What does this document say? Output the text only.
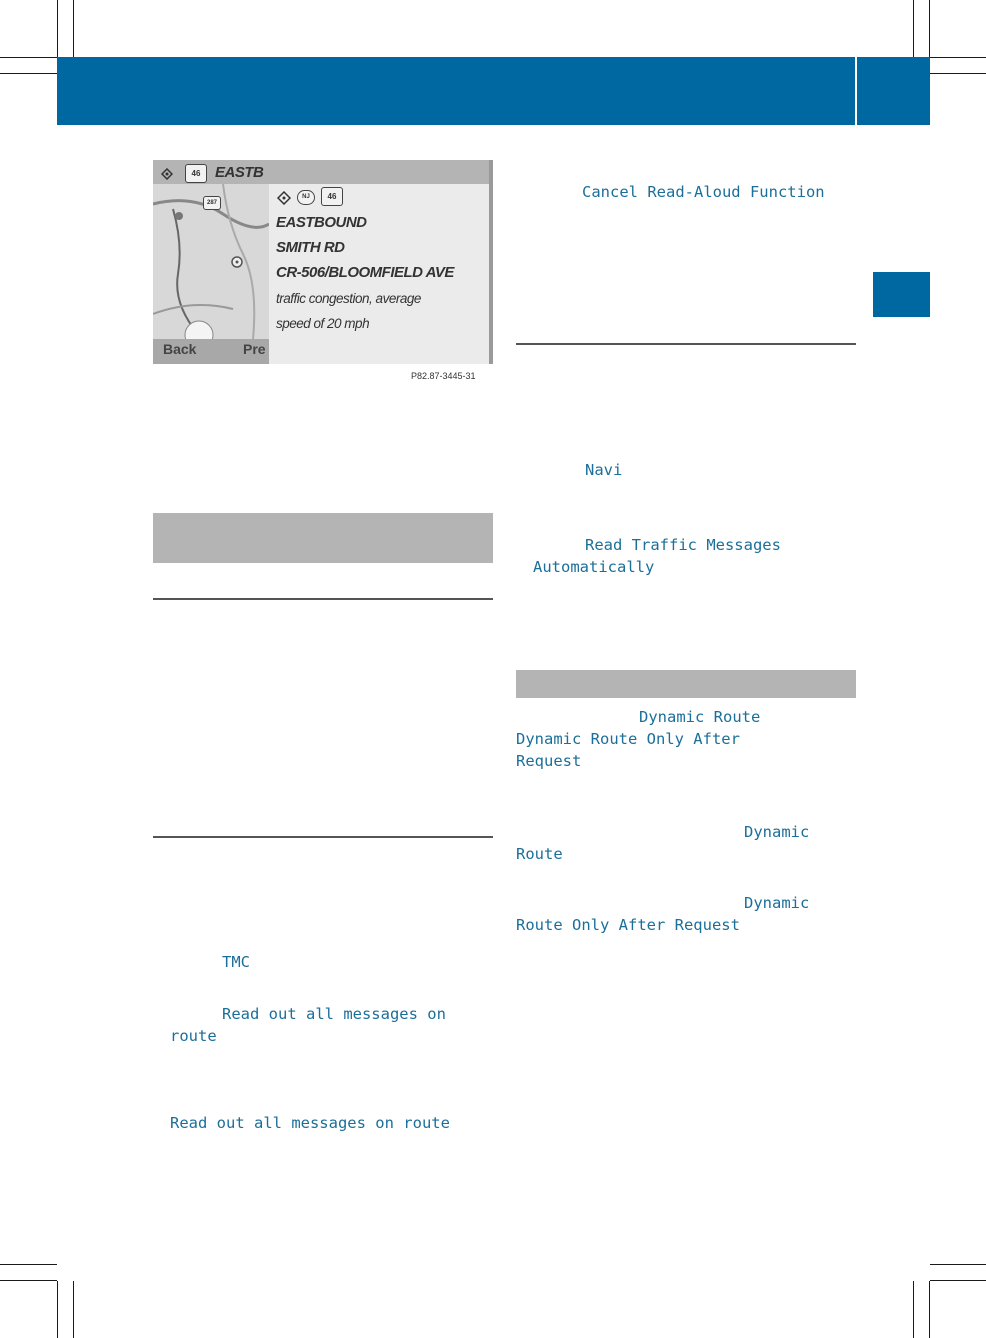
46 EASTB
287
Back	Pre
NJ	46
EASTBOUND
SMITH RD
CR-506/BLOOMFIELD AVE
traffic congestion, average
speed of 20 mph
P82.87-3445-31
TMC
Read out all messages on
route
Read out all messages on route
Cancel Read-Aloud Function
Navi
Read Traffic Messages
Automatically
Dynamic Route
Dynamic Route Only After
Request
Dynamic
Route
Dynamic
Route Only After Request
